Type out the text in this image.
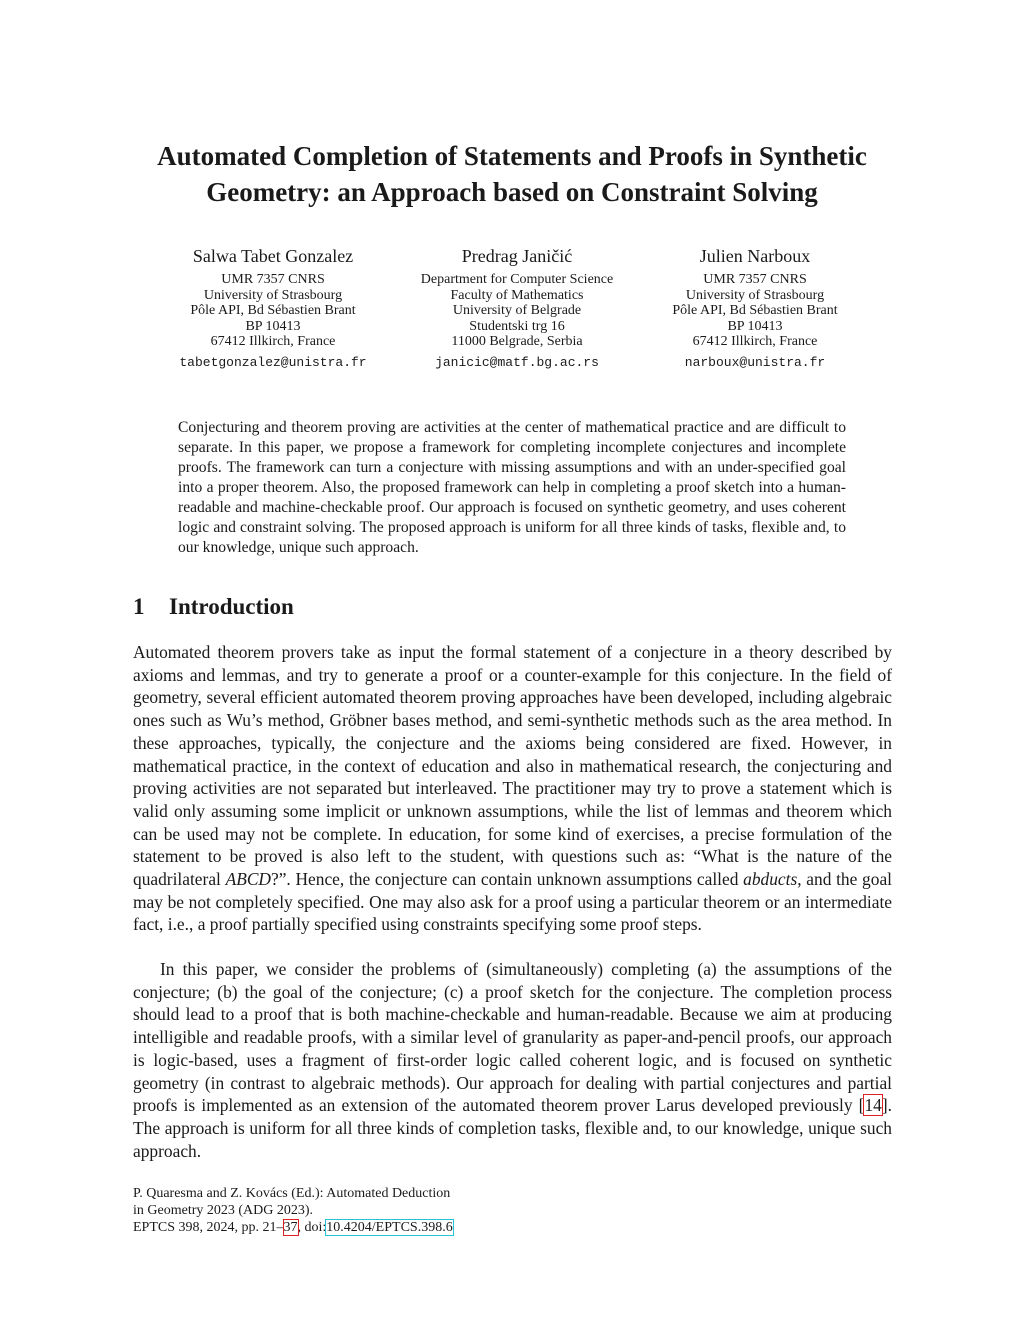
Automated Completion of Statements and Proofs in Synthetic
Geometry: an Approach based on Constraint Solving
Salwa Tabet Gonzalez
UMR 7357 CNRS
University of Strasbourg
Pôle API, Bd Sébastien Brant
BP 10413
67412 Illkirch, France
tabetgonzalez@unistra.fr
Predrag Janičić
Department for Computer Science
Faculty of Mathematics
University of Belgrade
Studentski trg 16
11000 Belgrade, Serbia
janicic@matf.bg.ac.rs
Julien Narboux
UMR 7357 CNRS
University of Strasbourg
Pôle API, Bd Sébastien Brant
BP 10413
67412 Illkirch, France
narboux@unistra.fr

Conjecturing and theorem proving are activities at the center of mathematical practice and are difficult to separate. In this paper, we propose a framework for completing incomplete conjectures and incomplete proofs. The framework can turn a conjecture with missing assumptions and with an under-specified goal into a proper theorem. Also, the proposed framework can help in completing a proof sketch into a human-readable and machine-checkable proof. Our approach is focused on synthetic geometry, and uses coherent logic and constraint solving. The proposed approach is uniform for all three kinds of tasks, flexible and, to our knowledge, unique such approach.

1 Introduction

Automated theorem provers take as input the formal statement of a conjecture in a theory described by axioms and lemmas, and try to generate a proof or a counter-example for this conjecture. In the field of geometry, several efficient automated theorem proving approaches have been developed, including algebraic ones such as Wu’s method, Gröbner bases method, and semi-synthetic methods such as the area method. In these approaches, typically, the conjecture and the axioms being considered are fixed. However, in mathematical practice, in the context of education and also in mathematical research, the conjecturing and proving activities are not separated but interleaved. The practitioner may try to prove a statement which is valid only assuming some implicit or unknown assumptions, while the list of lemmas and theorem which can be used may not be complete. In education, for some kind of exercises, a precise formulation of the statement to be proved is also left to the student, with questions such as: “What is the nature of the quadrilateral ABCD?”. Hence, the conjecture can contain unknown assumptions called abducts, and the goal may be not completely specified. One may also ask for a proof using a particular theorem or an intermediate fact, i.e., a proof partially specified using constraints specifying some proof steps.

In this paper, we consider the problems of (simultaneously) completing (a) the assumptions of the conjecture; (b) the goal of the conjecture; (c) a proof sketch for the conjecture. The completion process should lead to a proof that is both machine-checkable and human-readable. Because we aim at producing intelligible and readable proofs, with a similar level of granularity as paper-and-pencil proofs, our approach is logic-based, uses a fragment of first-order logic called coherent logic, and is focused on synthetic geometry (in contrast to algebraic methods). Our approach for dealing with partial conjectures and partial proofs is implemented as an extension of the automated theorem prover Larus developed previously [14]. The approach is uniform for all three kinds of completion tasks, flexible and, to our knowledge, unique such approach.

P. Quaresma and Z. Kovács (Ed.): Automated Deduction
in Geometry 2023 (ADG 2023).
EPTCS 398, 2024, pp. 21–37, doi:10.4204/EPTCS.398.6
